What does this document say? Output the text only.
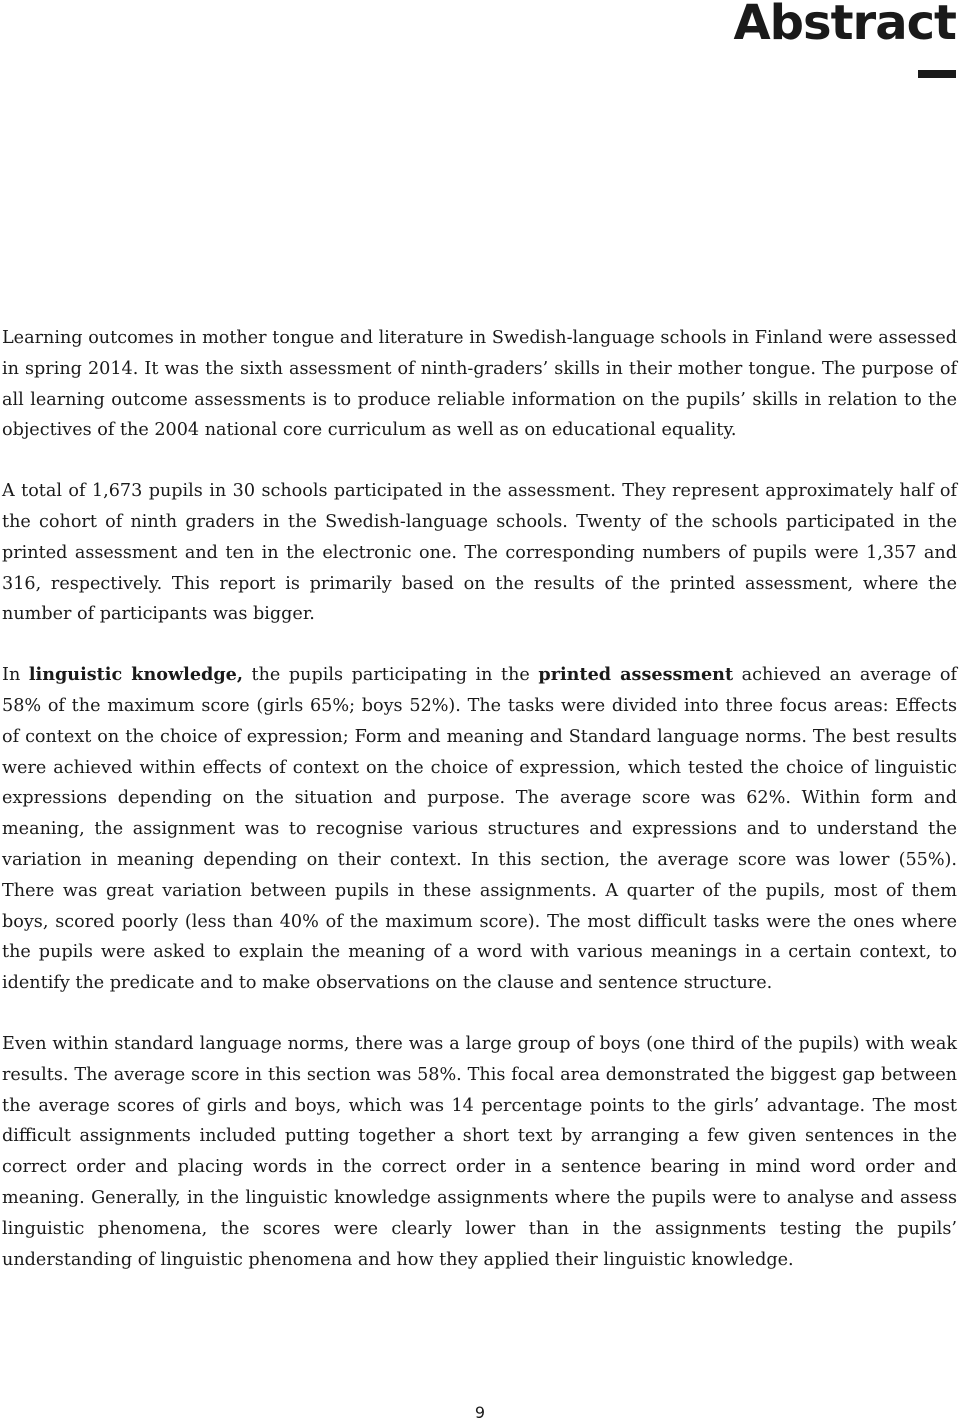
Abstract

Learning outcomes in mother tongue and literature in Swedish-language schools in Finland were assessed in spring 2014. It was the sixth assessment of ninth-graders’ skills in their mother tongue. The purpose of all learning outcome assessments is to produce reliable information on the pupils’ skills in relation to the objectives of the 2004 national core curriculum as well as on educational equality.

A total of 1,673 pupils in 30 schools participated in the assessment. They represent approximately half of the cohort of ninth graders in the Swedish-language schools. Twenty of the schools participated in the printed assessment and ten in the electronic one. The corresponding numbers of pupils were 1,357 and 316, respectively. This report is primarily based on the results of the printed assessment, where the number of participants was bigger.

In linguistic knowledge, the pupils participating in the printed assessment achieved an average of 58% of the maximum score (girls 65%; boys 52%). The tasks were divided into three focus areas: Effects of context on the choice of expression; Form and meaning and Standard language norms. The best results were achieved within effects of context on the choice of expression, which tested the choice of linguistic expressions depending on the situation and purpose. The average score was 62%. Within form and meaning, the assignment was to recognise various structures and expressions and to understand the variation in meaning depending on their context. In this section, the average score was lower (55%). There was great variation between pupils in these assignments. A quarter of the pupils, most of them boys, scored poorly (less than 40% of the maximum score). The most difficult tasks were the ones where the pupils were asked to explain the meaning of a word with various meanings in a certain context, to identify the predicate and to make observations on the clause and sentence structure.

Even within standard language norms, there was a large group of boys (one third of the pupils) with weak results. The average score in this section was 58%. This focal area demonstrated the biggest gap between the average scores of girls and boys, which was 14 percentage points to the girls’ advantage. The most difficult assignments included putting together a short text by arranging a few given sentences in the correct order and placing words in the correct order in a sentence bearing in mind word order and meaning. Generally, in the linguistic knowledge assignments where the pupils were to analyse and assess linguistic phenomena, the scores were clearly lower than in the assignments testing the pupils’ understanding of linguistic phenomena and how they applied their linguistic knowledge.

9
